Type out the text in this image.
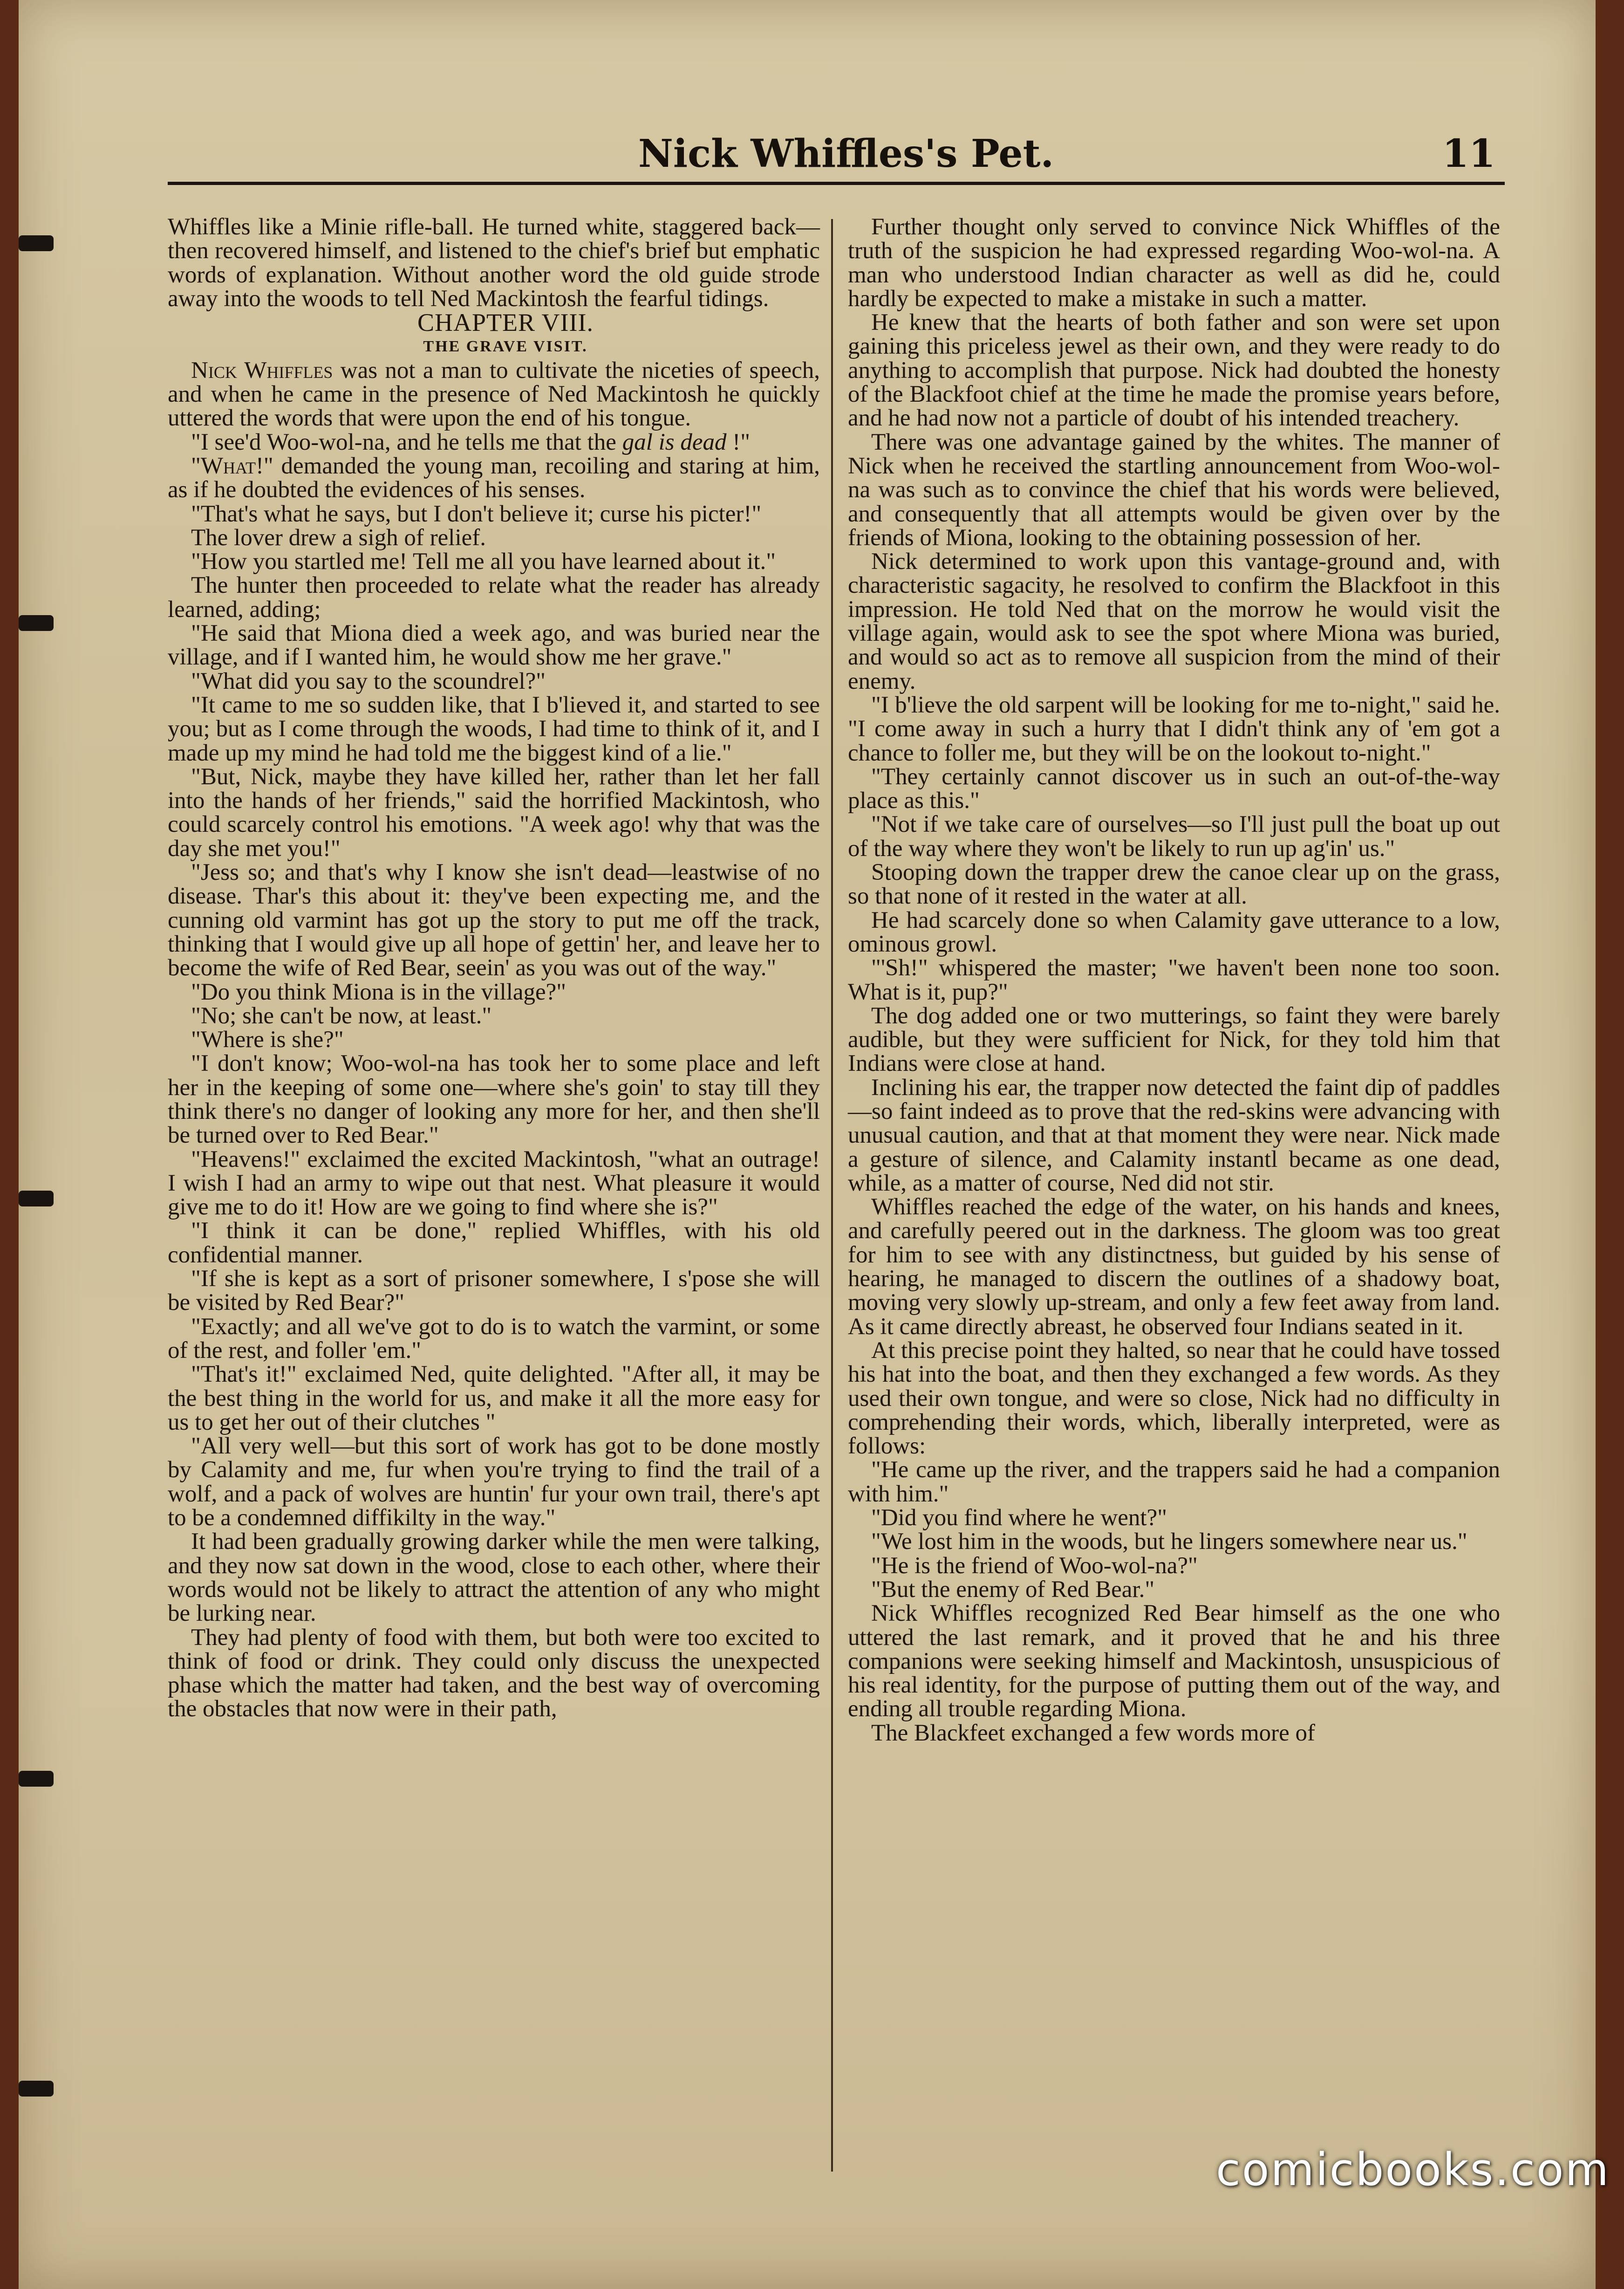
Nick Whiffles's Pet.	11

Whiffles like a Minie rifle-ball. He turned white, staggered back—then recovered himself, and listened to the chief's brief but emphatic words of explanation. Without another word the old guide strode away into the woods to tell Ned Mackintosh the fearful tidings.

CHAPTER VIII.

THE GRAVE VISIT.

Nick Whiffles was not a man to cultivate the niceties of speech, and when he came in the presence of Ned Mackintosh he quickly uttered the words that were upon the end of his tongue.

"I see'd Woo-wol-na, and he tells me that the gal is dead !"

"What!" demanded the young man, recoiling and staring at him, as if he doubted the evidences of his senses.

"That's what he says, but I don't believe it; curse his picter!"

The lover drew a sigh of relief.

"How you startled me! Tell me all you have learned about it."

The hunter then proceeded to relate what the reader has already learned, adding;

"He said that Miona died a week ago, and was buried near the village, and if I wanted him, he would show me her grave."

"What did you say to the scoundrel?"

"It came to me so sudden like, that I b'lieved it, and started to see you; but as I come through the woods, I had time to think of it, and I made up my mind he had told me the biggest kind of a lie."

"But, Nick, maybe they have killed her, rather than let her fall into the hands of her friends," said the horrified Mackintosh, who could scarcely control his emotions. "A week ago! why that was the day she met you!"

"Jess so; and that's why I know she isn't dead—leastwise of no disease. Thar's this about it: they've been expecting me, and the cunning old varmint has got up the story to put me off the track, thinking that I would give up all hope of gettin' her, and leave her to become the wife of Red Bear, seein' as you was out of the way."

"Do you think Miona is in the village?"

"No; she can't be now, at least."

"Where is she?"

"I don't know; Woo-wol-na has took her to some place and left her in the keeping of some one—where she's goin' to stay till they think there's no danger of looking any more for her, and then she'll be turned over to Red Bear."

"Heavens!" exclaimed the excited Mackintosh, "what an outrage! I wish I had an army to wipe out that nest. What pleasure it would give me to do it! How are we going to find where she is?"

"I think it can be done," replied Whiffles, with his old confidential manner.

"If she is kept as a sort of prisoner somewhere, I s'pose she will be visited by Red Bear?"

"Exactly; and all we've got to do is to watch the varmint, or some of the rest, and foller 'em."

"That's it!" exclaimed Ned, quite delighted. "After all, it may be the best thing in the world for us, and make it all the more easy for us to get her out of their clutches "

"All very well—but this sort of work has got to be done mostly by Calamity and me, fur when you're trying to find the trail of a wolf, and a pack of wolves are huntin' fur your own trail, there's apt to be a condemned diffikilty in the way."

It had been gradually growing darker while the men were talking, and they now sat down in the wood, close to each other, where their words would not be likely to attract the attention of any who might be lurking near.

They had plenty of food with them, but both were too excited to think of food or drink. They could only discuss the unexpected phase which the matter had taken, and the best way of overcoming the obstacles that now were in their path,

Further thought only served to convince Nick Whiffles of the truth of the suspicion he had expressed regarding Woo-wol-na. A man who understood Indian character as well as did he, could hardly be expected to make a mistake in such a matter.

He knew that the hearts of both father and son were set upon gaining this priceless jewel as their own, and they were ready to do anything to accomplish that purpose. Nick had doubted the honesty of the Blackfoot chief at the time he made the promise years before, and he had now not a particle of doubt of his intended treachery.

There was one advantage gained by the whites. The manner of Nick when he received the startling announcement from Woo-wol-na was such as to convince the chief that his words were believed, and consequently that all attempts would be given over by the friends of Miona, looking to the obtaining possession of her.

Nick determined to work upon this vantage-ground and, with characteristic sagacity, he resolved to confirm the Blackfoot in this impression. He told Ned that on the morrow he would visit the village again, would ask to see the spot where Miona was buried, and would so act as to remove all suspicion from the mind of their enemy.

"I b'lieve the old sarpent will be looking for me to-night," said he. "I come away in such a hurry that I didn't think any of 'em got a chance to foller me, but they will be on the lookout to-night."

"They certainly cannot discover us in such an out-of-the-way place as this."

"Not if we take care of ourselves—so I'll just pull the boat up out of the way where they won't be likely to run up ag'in' us."

Stooping down the trapper drew the canoe clear up on the grass, so that none of it rested in the water at all.

He had scarcely done so when Calamity gave utterance to a low, ominous growl.

"'Sh!" whispered the master; "we haven't been none too soon. What is it, pup?"

The dog added one or two mutterings, so faint they were barely audible, but they were sufficient for Nick, for they told him that Indians were close at hand.

Inclining his ear, the trapper now detected the faint dip of paddles—so faint indeed as to prove that the red-skins were advancing with unusual caution, and that at that moment they were near. Nick made a gesture of silence, and Calamity instantl became as one dead, while, as a matter of course, Ned did not stir.

Whiffles reached the edge of the water, on his hands and knees, and carefully peered out in the darkness. The gloom was too great for him to see with any distinctness, but guided by his sense of hearing, he managed to discern the outlines of a shadowy boat, moving very slowly up-stream, and only a few feet away from land. As it came directly abreast, he observed four Indians seated in it.

At this precise point they halted, so near that he could have tossed his hat into the boat, and then they exchanged a few words. As they used their own tongue, and were so close, Nick had no difficulty in comprehending their words, which, liberally interpreted, were as follows:

"He came up the river, and the trappers said he had a companion with him."

"Did you find where he went?"

"We lost him in the woods, but he lingers somewhere near us."

"He is the friend of Woo-wol-na?"

"But the enemy of Red Bear."

Nick Whiffles recognized Red Bear himself as the one who uttered the last remark, and it proved that he and his three companions were seeking himself and Mackintosh, unsuspicious of his real identity, for the purpose of putting them out of the way, and ending all trouble regarding Miona.

The Blackfeet exchanged a few words more of

comicbooks.com
